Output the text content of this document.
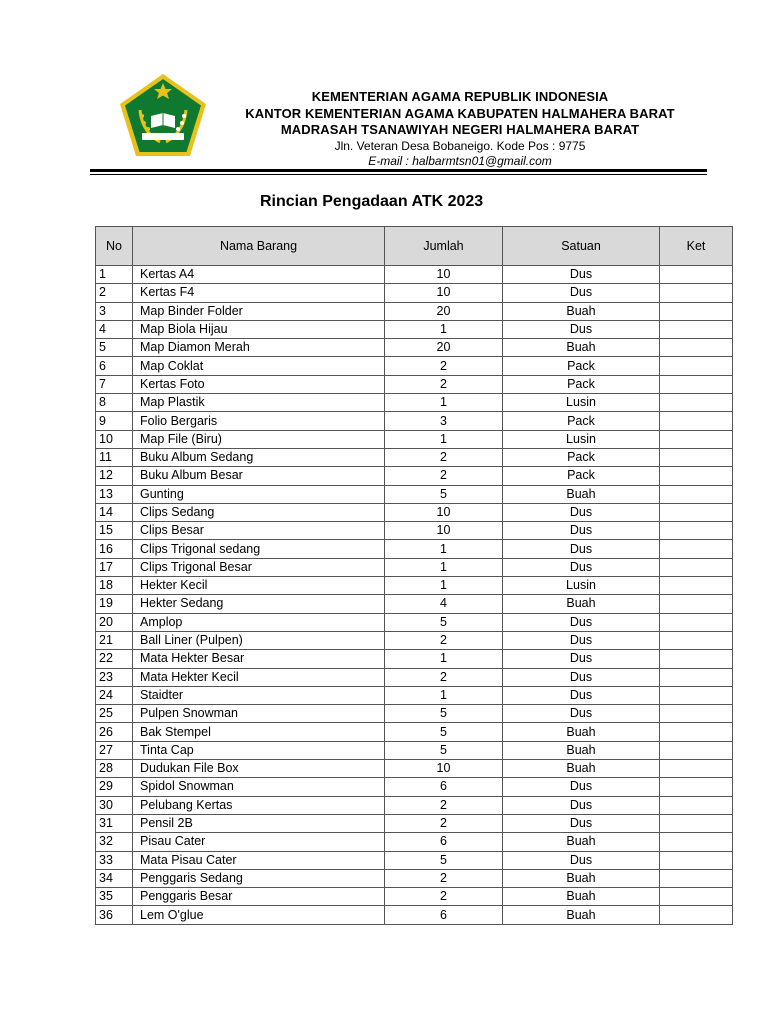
KEMENTERIAN AGAMA REPUBLIK INDONESIA
KANTOR KEMENTERIAN AGAMA KABUPATEN HALMAHERA BARAT
MADRASAH TSANAWIYAH NEGERI HALMAHERA BARAT
Jln. Veteran Desa Bobaneigo. Kode Pos : 9775
E-mail : halbarmtsn01@gmail.com
Rincian Pengadaan ATK 2023
No	Nama Barang	Jumlah	Satuan	Ket
1	Kertas A4	10	Dus	
2	Kertas F4	10	Dus	
3	Map Binder Folder	20	Buah	
4	Map Biola Hijau	1	Dus	
5	Map Diamon Merah	20	Buah	
6	Map Coklat	2	Pack	
7	Kertas Foto	2	Pack	
8	Map Plastik	1	Lusin	
9	Folio Bergaris	3	Pack	
10	Map File (Biru)	1	Lusin	
11	Buku Album Sedang	2	Pack	
12	Buku Album Besar	2	Pack	
13	Gunting	5	Buah	
14	Clips Sedang	10	Dus	
15	Clips Besar	10	Dus	
16	Clips Trigonal sedang	1	Dus	
17	Clips Trigonal Besar	1	Dus	
18	Hekter Kecil	1	Lusin	
19	Hekter Sedang	4	Buah	
20	Amplop	5	Dus	
21	Ball Liner (Pulpen)	2	Dus	
22	Mata Hekter Besar	1	Dus	
23	Mata Hekter Kecil	2	Dus	
24	Staidter	1	Dus	
25	Pulpen Snowman	5	Dus	
26	Bak Stempel	5	Buah	
27	Tinta Cap	5	Buah	
28	Dudukan File Box	10	Buah	
29	Spidol Snowman	6	Dus	
30	Pelubang Kertas	2	Dus	
31	Pensil 2B	2	Dus	
32	Pisau Cater	6	Buah	
33	Mata Pisau Cater	5	Dus	
34	Penggaris Sedang	2	Buah	
35	Penggaris Besar	2	Buah	
36	Lem O'glue	6	Buah	
